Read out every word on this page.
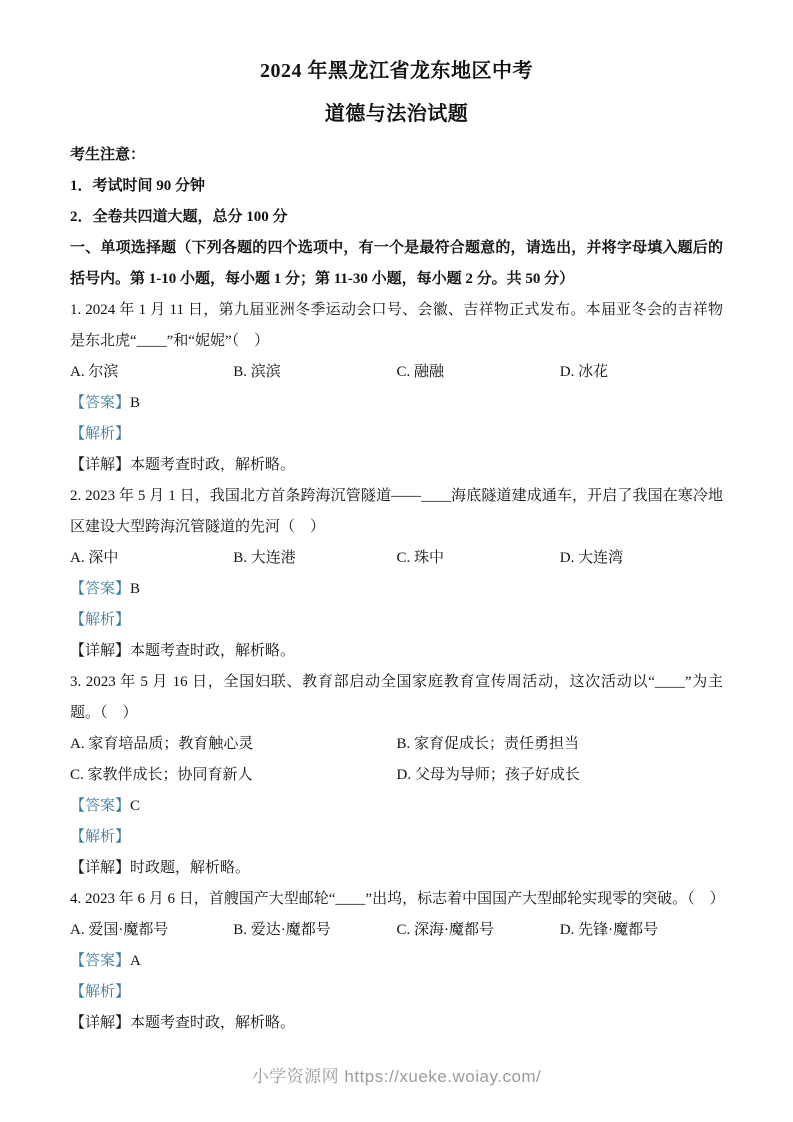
2024 年黑龙江省龙东地区中考
道德与法治试题

考生注意：

1．考试时间 90 分钟

2．全卷共四道大题，总分 100 分

一、单项选择题（下列各题的四个选项中，有一个是最符合题意的，请选出，并将字母填入题后的括号内。第 1-10 小题，每小题 1 分；第 11-30 小题，每小题 2 分。共 50 分）

1. 2024 年 1 月 11 日，第九届亚洲冬季运动会口号、会徽、吉祥物正式发布。本届亚冬会的吉祥物是东北虎“____”和“妮妮”（　）

A. 尔滨	B. 滨滨	C. 融融	D. 冰花

【答案】B

【解析】

【详解】本题考查时政，解析略。

2. 2023 年 5 月 1 日，我国北方首条跨海沉管隧道——____海底隧道建成通车，开启了我国在寒冷地区建设大型跨海沉管隧道的先河（　）

A. 深中	B. 大连港	C. 珠中	D. 大连湾

【答案】B

【解析】

【详解】本题考查时政，解析略。

3. 2023 年 5 月 16 日，全国妇联、教育部启动全国家庭教育宣传周活动，这次活动以“____”为主题。（　）

A. 家育培品质；教育触心灵	B. 家育促成长；责任勇担当
C. 家教伴成长；协同育新人	D. 父母为导师；孩子好成长

【答案】C

【解析】

【详解】时政题，解析略。

4. 2023 年 6 月 6 日，首艘国产大型邮轮“____”出坞，标志着中国国产大型邮轮实现零的突破。（　）

A. 爱国·魔都号	B. 爱达·魔都号	C. 深海·魔都号	D. 先锋·魔都号

【答案】A

【解析】

【详解】本题考查时政，解析略。

小学资源网 https://xueke.woiay.com/
